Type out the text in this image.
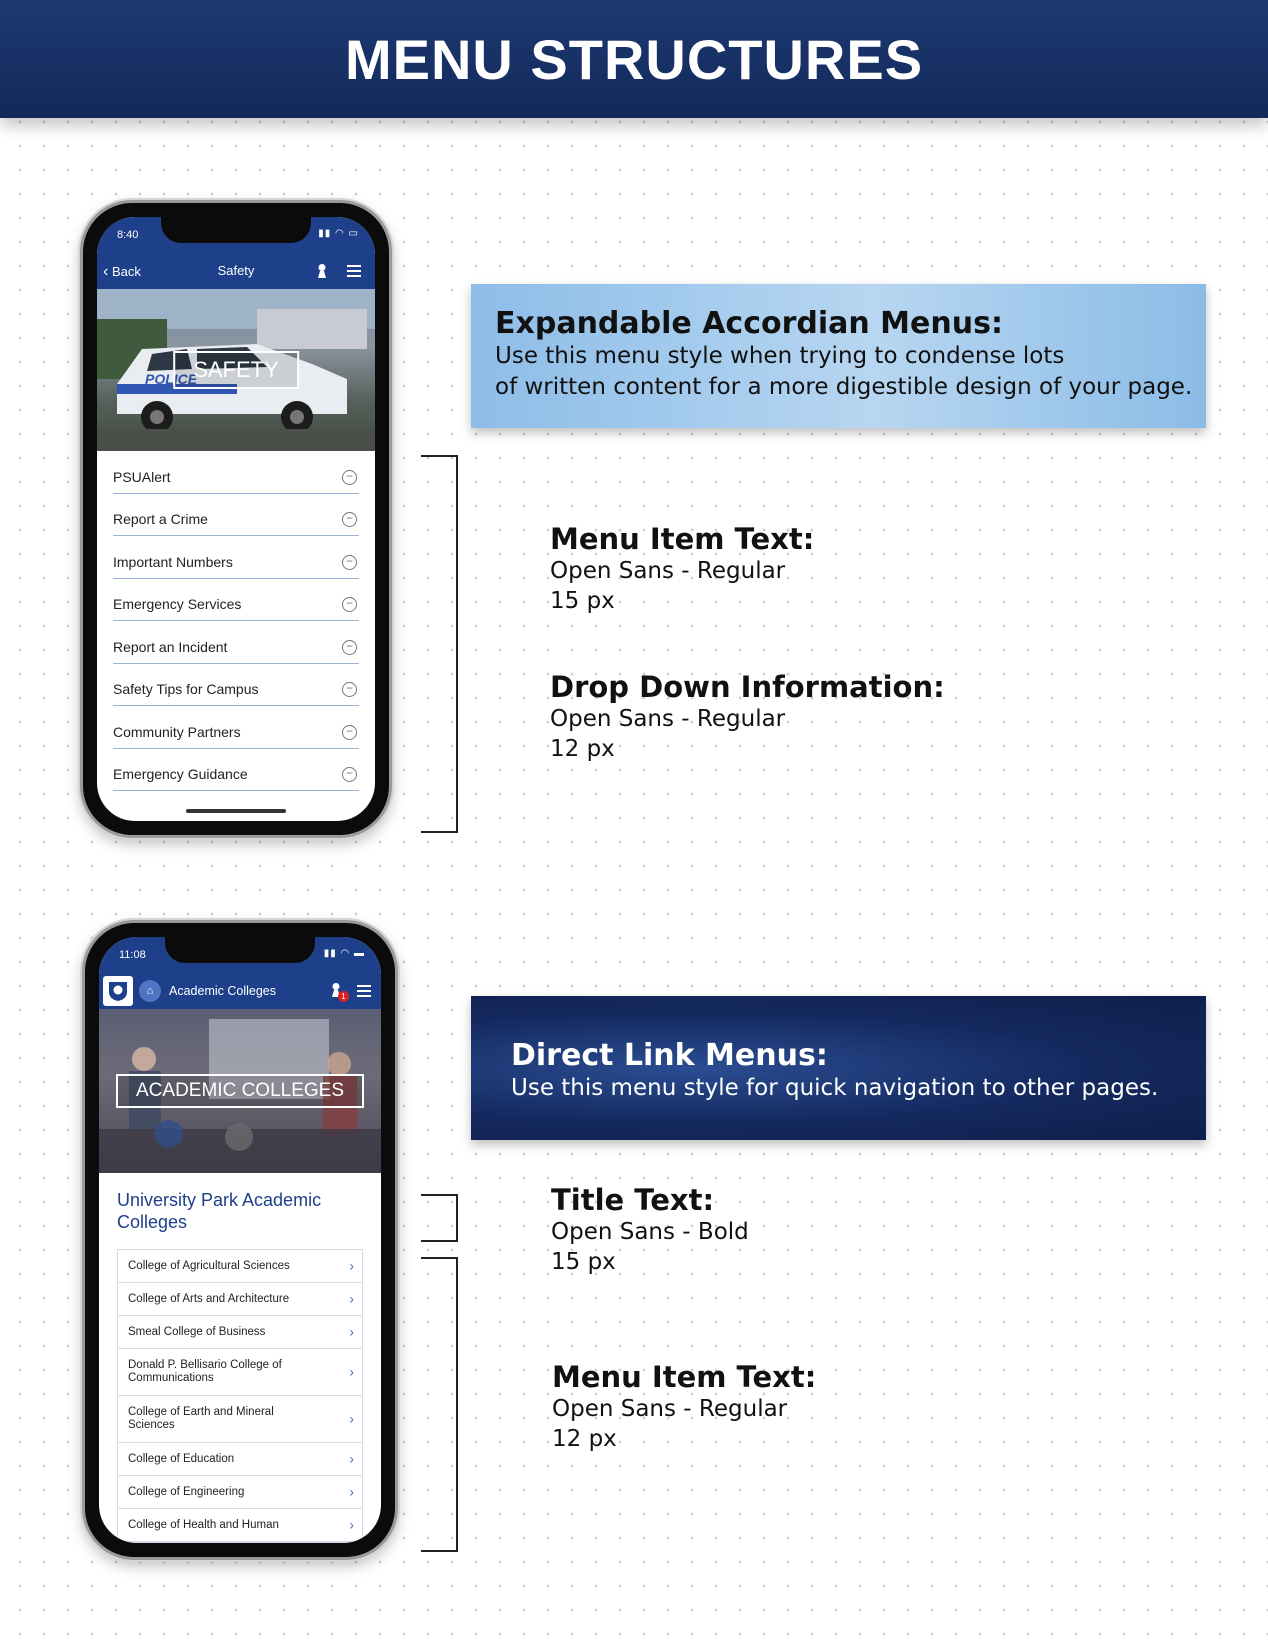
MENU STRUCTURES
8:40	▮▮ ◠ ▭
‹ Back	Safety
POLICE
SAFETY
PSUAlert	−
Report a Crime	−
Important Numbers	−
Emergency Services	−
Report an Incident	−
Safety Tips for Campus	−
Community Partners	−
Emergency Guidance	−
Expandable Accordian Menus:

Use this menu style when trying to condense lots

of written content for a more digestible design of your page.

Menu Item Text:

Open Sans - Regular

15 px

Drop Down Information:

Open Sans - Regular

12 px

11:08	▮▮ ◠ ▬
⌂	Academic Colleges	1
ACADEMIC COLLEGES
University Park Academic Colleges
College of Agricultural Sciences	›
College of Arts and Architecture	›
Smeal College of Business	›
Donald P. Bellisario College of Communications	›
College of Earth and Mineral Sciences	›
College of Education	›
College of Engineering	›
College of Health and Human	›
Direct Link Menus:

Use this menu style for quick navigation to other pages.

Title Text:

Open Sans - Bold

15 px

Menu Item Text:

Open Sans - Regular

12 px
